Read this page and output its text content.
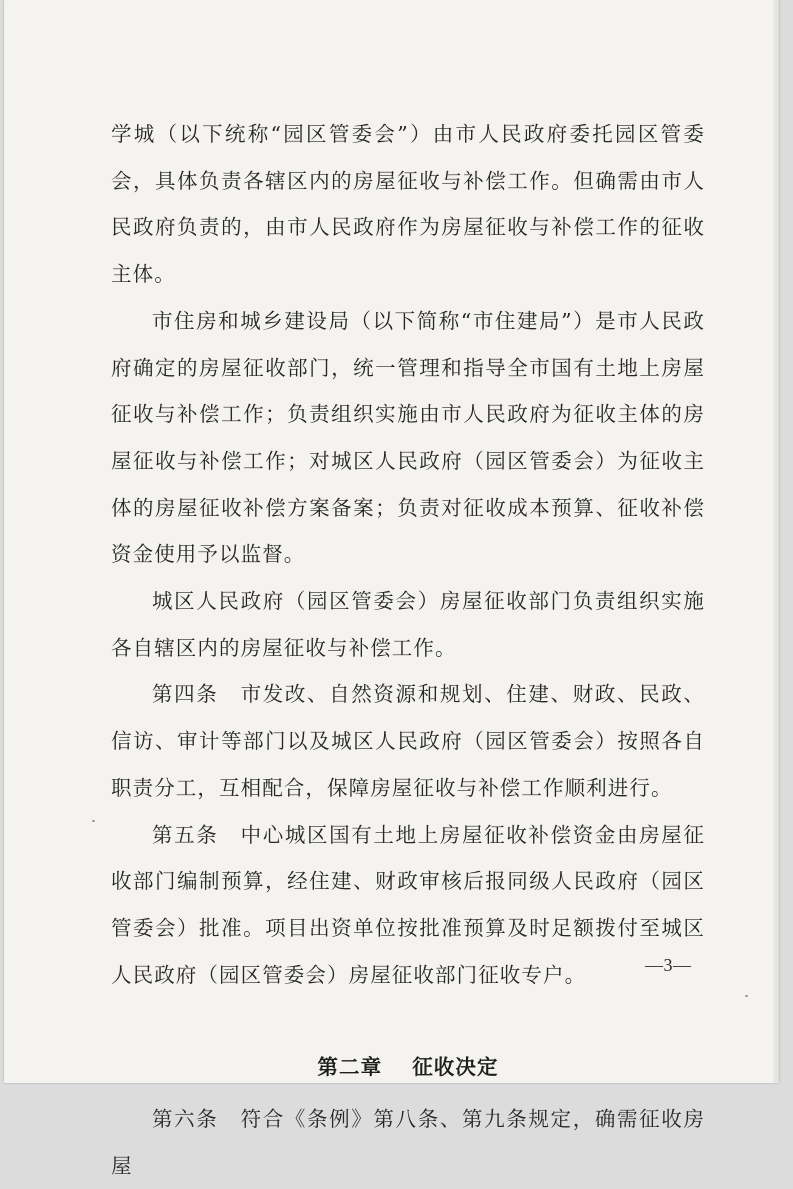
学城（以下统称“园区管委会”）由市人民政府委托园区管委会，具体负责各辖区内的房屋征收与补偿工作。但确需由市人民政府负责的，由市人民政府作为房屋征收与补偿工作的征收主体。

市住房和城乡建设局（以下简称“市住建局”）是市人民政府确定的房屋征收部门，统一管理和指导全市国有土地上房屋征收与补偿工作；负责组织实施由市人民政府为征收主体的房屋征收与补偿工作；对城区人民政府（园区管委会）为征收主体的房屋征收补偿方案备案；负责对征收成本预算、征收补偿资金使用予以监督。

城区人民政府（园区管委会）房屋征收部门负责组织实施各自辖区内的房屋征收与补偿工作。

第四条　市发改、自然资源和规划、住建、财政、民政、信访、审计等部门以及城区人民政府（园区管委会）按照各自职责分工，互相配合，保障房屋征收与补偿工作顺利进行。

第五条　中心城区国有土地上房屋征收补偿资金由房屋征收部门编制预算，经住建、财政审核后报同级人民政府（园区管委会）批准。项目出资单位按批准预算及时足额拨付至城区人民政府（园区管委会）房屋征收部门征收专户。

第二章 征收决定

第六条　符合《条例》第八条、第九条规定，确需征收房屋

—3—
